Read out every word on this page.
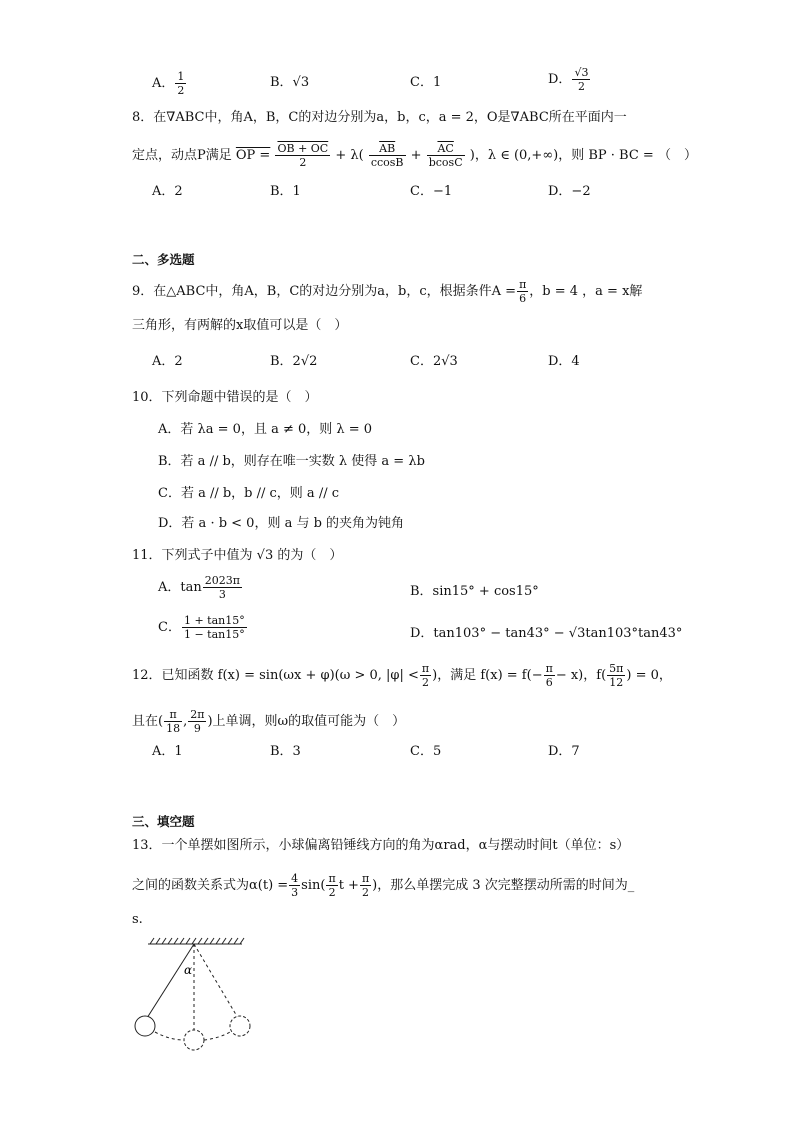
A． $\frac{1}{2}$	B．√3	C．1	D． $\frac{√3}{2}$
8．在∇ABC中，角A，B，C的对边分别为a，b，c，a = 2，O是∇ABC所在平面内一
定点，动点P满足 OP = $\frac{OB + OC}{2} + \lambda( \frac{\overline{AB}}{ccosB} + \frac{\overline{AC}}{bcosC}$ )，λ ∈ (0,+∞)，则 BP · BC = （　）
A．2	B．1	C．−1	D．−2
二、多选题
9．在△ABC中，角A，B，C的对边分别为a，b，c，根据条件$A = \frac{\pi}{6}$ ，b = 4 ，a = x解
三角形，有两解的x取值可以是（　）
A．2	B．2√2	C．2√3	D．4
10．下列命题中错误的是（　）
A．若 λa = 0，且 a ≠ 0，则 λ = 0
B．若 a // b，则存在唯一实数 λ 使得 a = λb
C．若 a // b，b // c，则 a // c
D．若 a · b < 0，则 a 与 b 的夹角为钝角
11．下列式子中值为 √3 的为（　）
A．$\tan \frac{2023\pi}{3}$	B．sin15° + cos15°
C． $\frac{1 + \tan 15^\circ}{1 - \tan 15^\circ}$	D．tan103° − tan43° − √3tan103°tan43°
12．已知函数 f(x) = sin(ωx + φ)(ω > 0, $|\varphi| < \frac{\pi}{2}$ )，满足 $f(x) = f(- \frac{\pi}{6} - x)$，$f( \frac{5\pi}{12}$ ) = 0，
且在( $\frac{\pi}{18}$ , $\frac{2\pi}{9}$ )上单调，则ω的取值可能为（　）
A．1	B．3	C．5	D．7
三、填空题
13．一个单摆如图所示，小球偏离铅锤线方向的角为αrad，α与摆动时间t（单位：s）
之间的函数关系式为$\alpha(t) = \frac{4}{3} \sin( \frac{\pi}{2}$ $t + \frac{\pi}{2}$ )，那么单摆完成 3 次完整摆动所需的时间为_
s.
α
